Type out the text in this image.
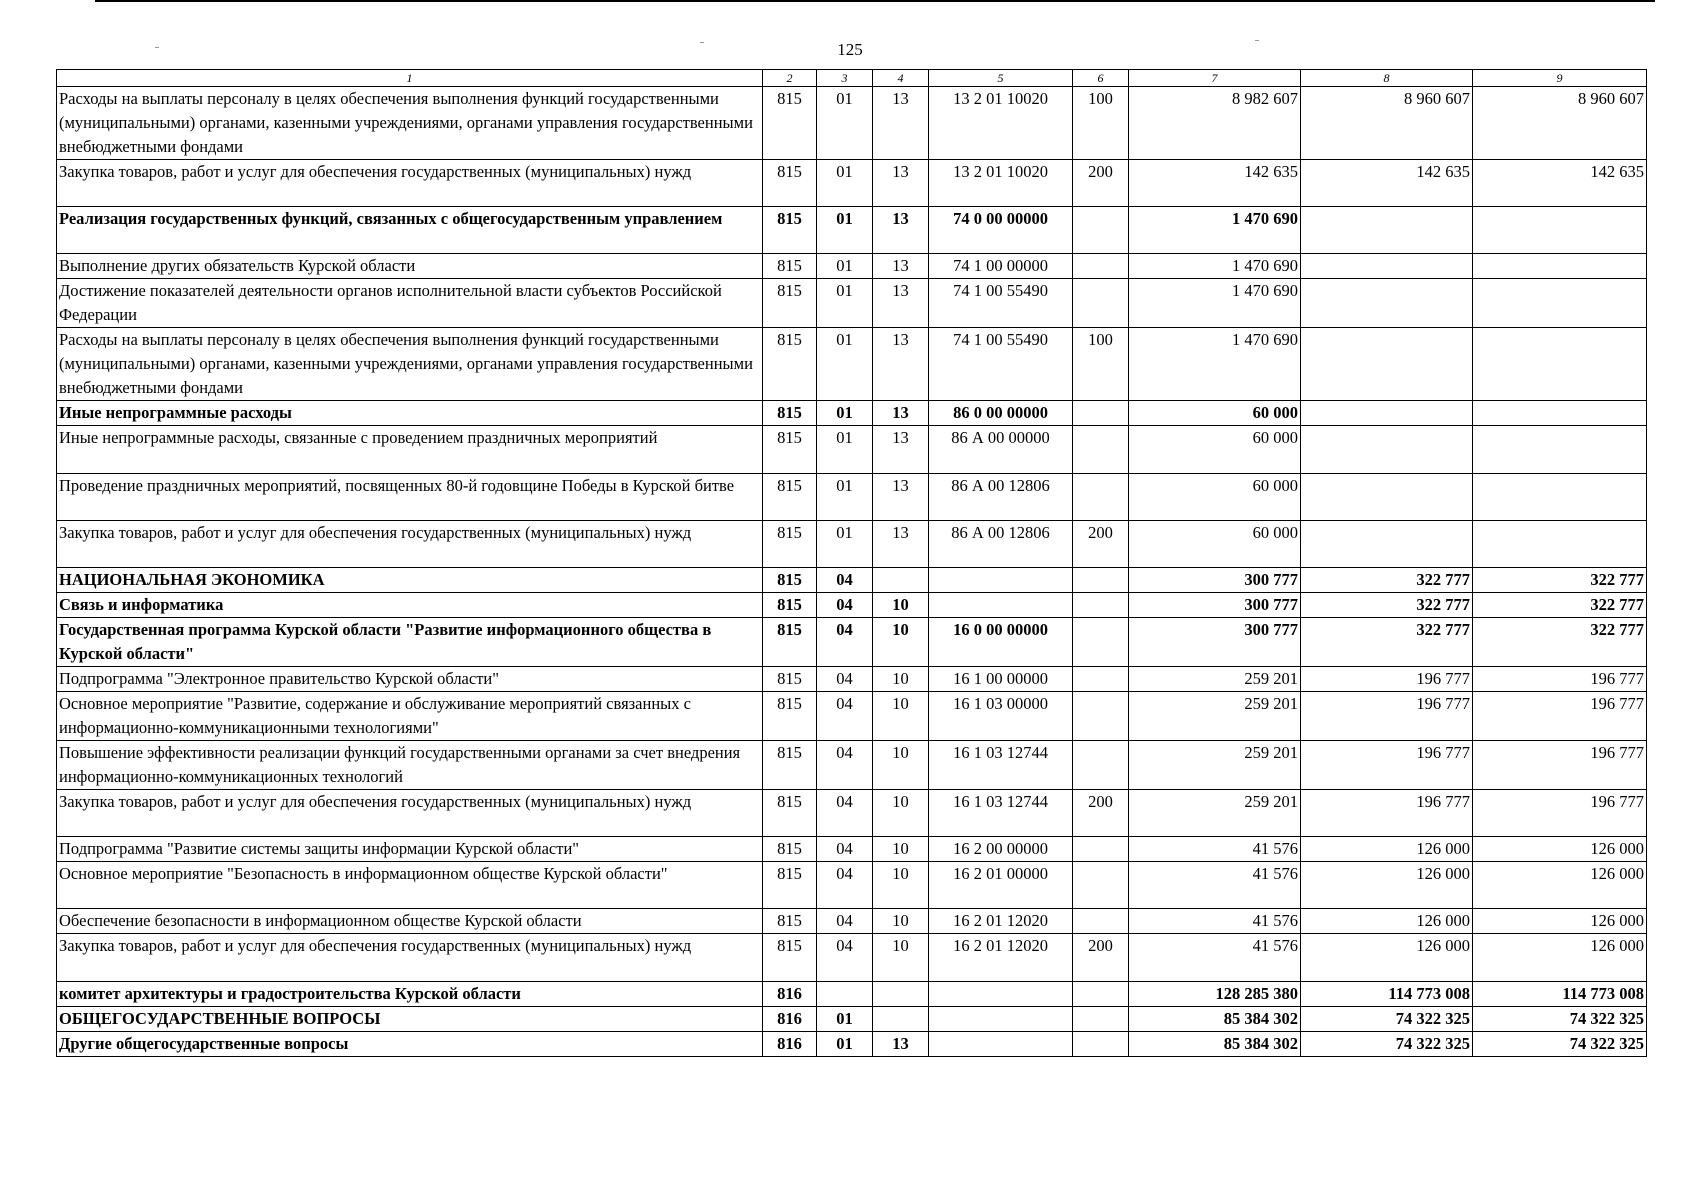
125
1	2	3	4	5	6	7	8	9
Расходы на выплаты персоналу в целях обеспечения выполнения функций государственными (муниципальными) органами, казенными учреждениями, органами управления государственными внебюджетными фондами	815	01	13	13 2 01 10020	100	8 982 607	8 960 607	8 960 607
Закупка товаров, работ и услуг для обеспечения государственных (муниципальных) нужд	815	01	13	13 2 01 10020	200	142 635	142 635	142 635
Реализация государственных функций, связанных с общегосударственным управлением	815	01	13	74 0 00 00000		1 470 690		
Выполнение других обязательств Курской области	815	01	13	74 1 00 00000		1 470 690		
Достижение показателей деятельности органов исполнительной власти субъектов Российской Федерации	815	01	13	74 1 00 55490		1 470 690		
Расходы на выплаты персоналу в целях обеспечения выполнения функций государственными (муниципальными) органами, казенными учреждениями, органами управления государственными внебюджетными фондами	815	01	13	74 1 00 55490	100	1 470 690		
Иные непрограммные расходы	815	01	13	86 0 00 00000		60 000		
Иные непрограммные расходы, связанные с проведением праздничных мероприятий	815	01	13	86 А 00 00000		60 000		
Проведение праздничных мероприятий, посвященных 80-й годовщине Победы в Курской битве	815	01	13	86 А 00 12806		60 000		
Закупка товаров, работ и услуг для обеспечения государственных (муниципальных) нужд	815	01	13	86 А 00 12806	200	60 000		
НАЦИОНАЛЬНАЯ ЭКОНОМИКА	815	04				300 777	322 777	322 777
Связь и информатика	815	04	10			300 777	322 777	322 777
Государственная программа Курской области "Развитие информационного общества в Курской области"	815	04	10	16 0 00 00000		300 777	322 777	322 777
Подпрограмма "Электронное правительство Курской области"	815	04	10	16 1 00 00000		259 201	196 777	196 777
Основное мероприятие "Развитие, содержание и обслуживание мероприятий связанных с информационно-коммуникационными технологиями"	815	04	10	16 1 03 00000		259 201	196 777	196 777
Повышение эффективности реализации функций государственными органами за счет внедрения информационно-коммуникационных технологий	815	04	10	16 1 03 12744		259 201	196 777	196 777
Закупка товаров, работ и услуг для обеспечения государственных (муниципальных) нужд	815	04	10	16 1 03 12744	200	259 201	196 777	196 777
Подпрограмма "Развитие системы защиты информации Курской области"	815	04	10	16 2 00 00000		41 576	126 000	126 000
Основное мероприятие "Безопасность в информационном обществе Курской области"	815	04	10	16 2 01 00000		41 576	126 000	126 000
Обеспечение безопасности в информационном обществе Курской области	815	04	10	16 2 01 12020		41 576	126 000	126 000
Закупка товаров, работ и услуг для обеспечения государственных (муниципальных) нужд	815	04	10	16 2 01 12020	200	41 576	126 000	126 000
комитет архитектуры и градостроительства Курской области	816					128 285 380	114 773 008	114 773 008
ОБЩЕГОСУДАРСТВЕННЫЕ ВОПРОСЫ	816	01				85 384 302	74 322 325	74 322 325
Другие общегосударственные вопросы	816	01	13			85 384 302	74 322 325	74 322 325
